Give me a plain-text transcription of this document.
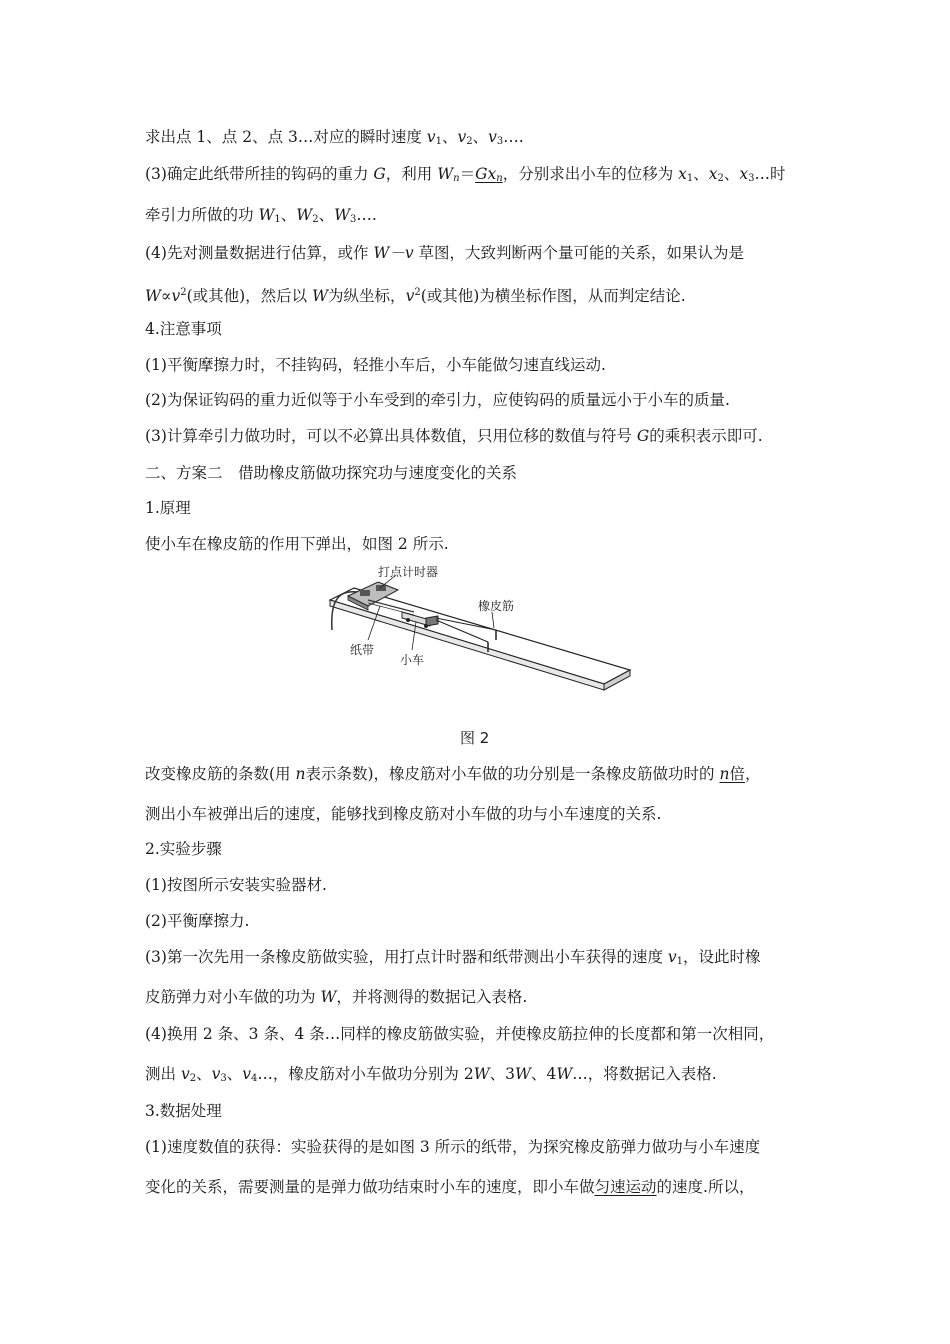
求出点 1、点 2、点 3…对应的瞬时速度 $v_1$、$v_2$、$v_3\dots$.
(3)确定此纸带所挂的钩码的重力 G，利用 $W_n=Gx_n$，分别求出小车的位移为 $x_1$、$x_2$、$x_3\dots$时
牵引力所做的功 $W_1$、$W_2$、$W_3\dots$.
(4)先对测量数据进行估算，或作 W－v 草图，大致判断两个量可能的关系，如果认为是
$W\propto v^2$(或其他)，然后以 W为纵坐标，$v^2$(或其他)为横坐标作图，从而判定结论.
4.注意事项
(1)平衡摩擦力时，不挂钩码，轻推小车后，小车能做匀速直线运动.
(2)为保证钩码的重力近似等于小车受到的牵引力，应使钩码的质量远小于小车的质量.
(3)计算牵引力做功时，可以不必算出具体数值，只用位移的数值与符号 G的乘积表示即可.
二、方案二　借助橡皮筋做功探究功与速度变化的关系
1.原理
使小车在橡皮筋的作用下弹出，如图 2 所示.
打点计时器
橡皮筋
纸带
小车
图 2
改变橡皮筋的条数(用 n表示条数)，橡皮筋对小车做的功分别是一条橡皮筋做功时的 n倍，
测出小车被弹出后的速度，能够找到橡皮筋对小车做的功与小车速度的关系.
2.实验步骤
(1)按图所示安装实验器材.
(2)平衡摩擦力.
(3)第一次先用一条橡皮筋做实验，用打点计时器和纸带测出小车获得的速度 $v_1$，设此时橡
皮筋弹力对小车做的功为 W，并将测得的数据记入表格.
(4)换用 2 条、3 条、4 条…同样的橡皮筋做实验，并使橡皮筋拉伸的长度都和第一次相同，
测出 $v_2$、$v_3$、$v_4\dots$，橡皮筋对小车做功分别为 2W、3W、4W…，将数据记入表格.
3.数据处理
(1)速度数值的获得：实验获得的是如图 3 所示的纸带，为探究橡皮筋弹力做功与小车速度
变化的关系，需要测量的是弹力做功结束时小车的速度，即小车做匀速运动的速度.所以，
